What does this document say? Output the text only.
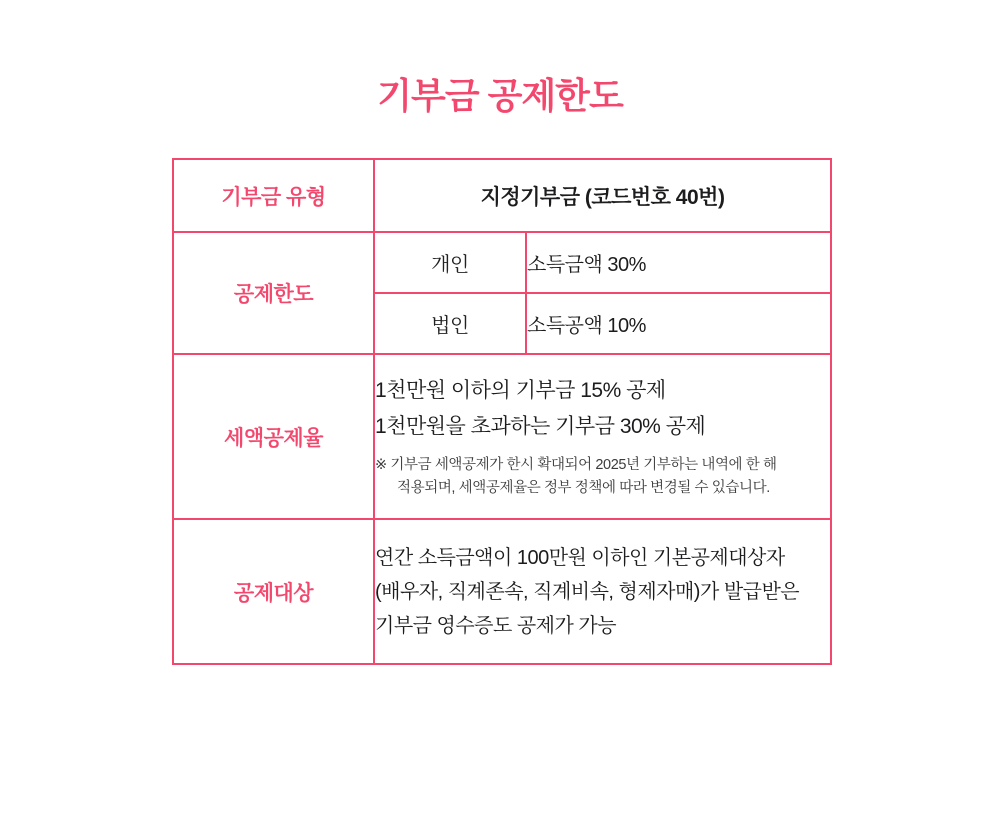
기부금 공제한도
기부금 유형	지정기부금 (코드번호 40번)	
공제한도	개인	소득금액 30%
	법인	소득공액 10%
세액공제율	1천만원 이하의 기부금 15% 공제
1천만원을 초과하는 기부금 30% 공제
※ 기부금 세액공제가 한시 확대되어 2025년 기부하는 내역에 한 해
적용되며, 세액공제율은 정부 정책에 따라 변경될 수 있습니다.	

공제대상	연간 소득금액이 100만원 이하인 기본공제대상자
(배우자, 직계존속, 직계비속, 형제자매)가 발급받은
기부금 영수증도 공제가 가능	
